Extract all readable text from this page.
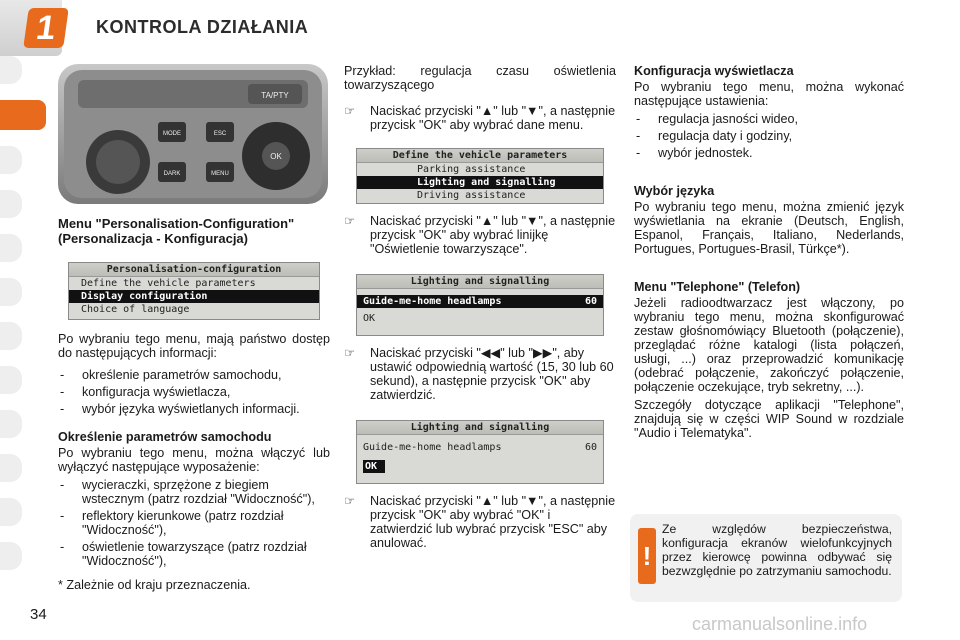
1	KONTROLA DZIAŁANIA
TA/PTY
MODE
DARK
ESC
MENU
OK
Menu "Personalisation-Configuration" (Personalizacja - Konfiguracja)
Personalisation-configuration
Define the vehicle parameters
Display configuration
Choice of language

Po wybraniu tego menu, mają państwo dostęp do następujących informacji:

- określenie parametrów samochodu,
- konfiguracja wyświetlacza,
- wybór języka wyświetlanych informacji.
Określenie parametrów samochodu

Po wybraniu tego menu, można włączyć lub wyłączyć następujące wyposażenie:

- wycieraczki, sprzężone z biegiem wstecznym (patrz rozdział "Widoczność"),
- reflektory kierunkowe (patrz rozdział "Widoczność"),
- oświetlenie towarzyszące (patrz rozdział "Widoczność"),

* Zależnie od kraju przeznaczenia.

Przykład: regulacja czasu oświetlenia towarzyszącego

☞ Naciskać przyciski "▲" lub "▼", a następnie przycisk "OK" aby wybrać dane menu.
Define the vehicle parameters
Parking assistance
Lighting and signalling
Driving assistance
☞ Naciskać przyciski "▲" lub "▼", a następnie przycisk "OK" aby wybrać linijkę "Oświetlenie towarzyszące".
Lighting and signalling
Guide-me-home headlamps	60
OK
☞ Naciskać przyciski "◀◀" lub "▶▶", aby ustawić odpowiednią wartość (15, 30 lub 60 sekund), a następnie przycisk "OK" aby zatwierdzić.
Lighting and signalling
Guide-me-home headlamps	60
OK
☞ Naciskać przyciski "▲" lub "▼", a następnie przycisk "OK" aby wybrać "OK" i zatwierdzić lub wybrać przycisk "ESC" aby anulować.
Konfiguracja wyświetlacza

Po wybraniu tego menu, można wykonać następujące ustawienia:

- regulacja jasności wideo,
- regulacja daty i godziny,
- wybór jednostek.
Wybór języka

Po wybraniu tego menu, można zmienić język wyświetlania na ekranie (Deutsch, English, Espanol, Français, Italiano, Nederlands, Portugues, Portugues-Brasil, Türkçe*).

Menu "Telephone" (Telefon)

Jeżeli radioodtwarzacz jest włączony, po wybraniu tego menu, można skonfigurować zestaw głośnomówiący Bluetooth (połączenie), przeglądać różne katalogi (lista połączeń, usługi, ...) oraz przeprowadzić komunikację (odebrać połączenie, zakończyć połączenie, połączenie oczekujące, tryb sekretny, ...).

Szczegóły dotyczące aplikacji "Telephone", znajdują się w części WIP Sound w rozdziale "Audio i Telematyka".

!
Ze względów bezpieczeństwa, konfiguracja ekranów wielofunkcyjnych przez kierowcę powinna odbywać się bezwzględnie po zatrzymaniu samochodu.
34	carmanualsonline.info
